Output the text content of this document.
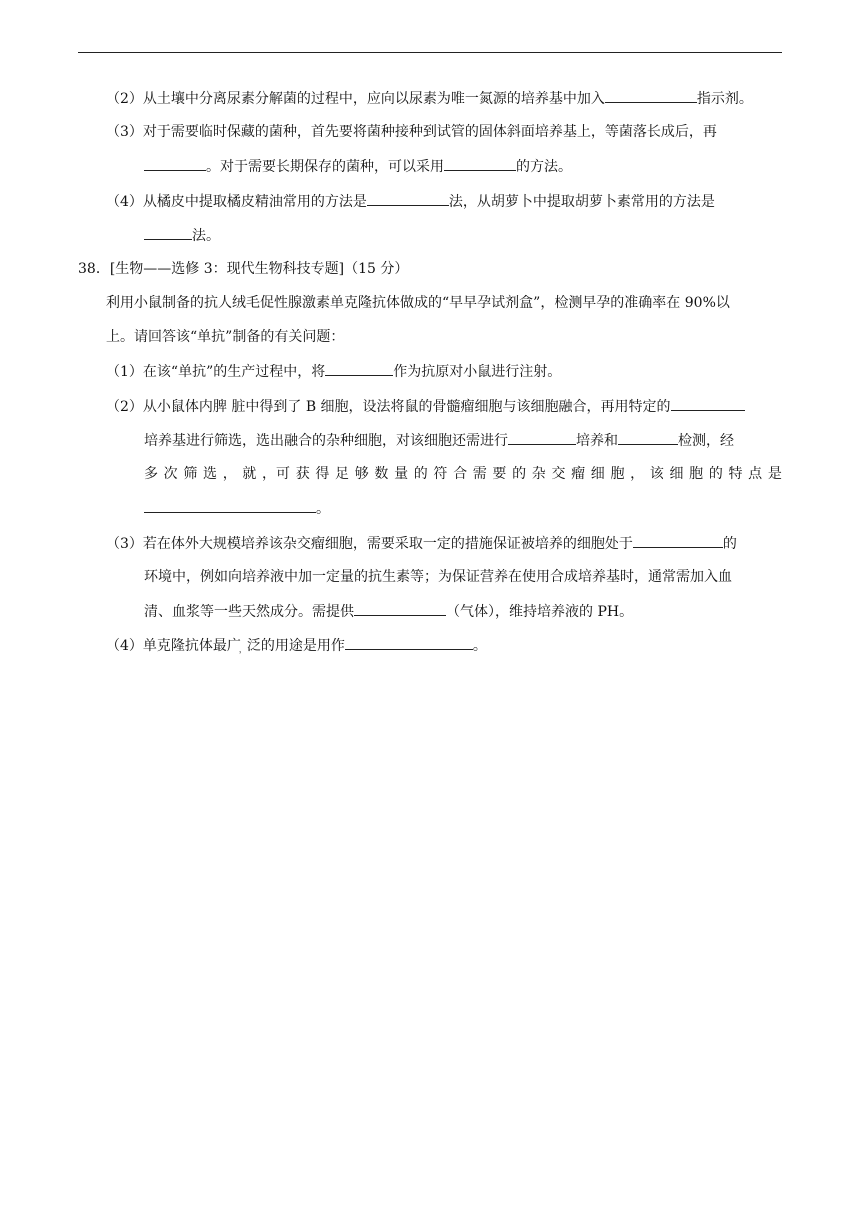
（2）从土壤中分离尿素分解菌的过程中，应向以尿素为唯一氮源的培养基中加入	指示剂。
（3）对于需要临时保藏的菌种，首先要将菌种接种到试管的固体斜面培养基上，等菌落长成后，再
。对于需要长期保存的菌种，可以采用	的方法。
（4）从橘皮中提取橘皮精油常用的方法是	法，从胡萝卜中提取胡萝卜素常用的方法是
法。
38．[生物——选修 3：现代生物科技专题]（15 分）
利用小鼠制备的抗人绒毛促性腺激素单克隆抗体做成的“早早孕试剂盒”，检测早孕的准确率在 90%以
上。请回答该“单抗”制备的有关问题：
（1）在该“单抗”的生产过程中，将	作为抗原对小鼠进行注射。
（2）从小鼠体内脾 脏中得到了 B 细胞，设法将鼠的骨髓瘤细胞与该细胞融合，再用特定的
培养基进行筛选，选出融合的杂种细胞，对该细胞还需进行	培养和	检测，经
多 次 筛 选 ， 就 ，可 获 得 足 够 数 量 的 符 合 需 要 的 杂 交 瘤 细 胞 ， 该 细 胞 的 特 点 是
。
（3）若在体外大规模培养该杂交瘤细胞，需要采取一定的措施保证被培养的细胞处于	的
环境中，例如向培养液中加一定量的抗生素等；为保证营养在使用合成培养基时，通常需加入血
清、血浆等一些天然成分。需提供	（气体），维持培养液的 PH。
（4）单克隆抗体最广，泛的用途是用作	。
